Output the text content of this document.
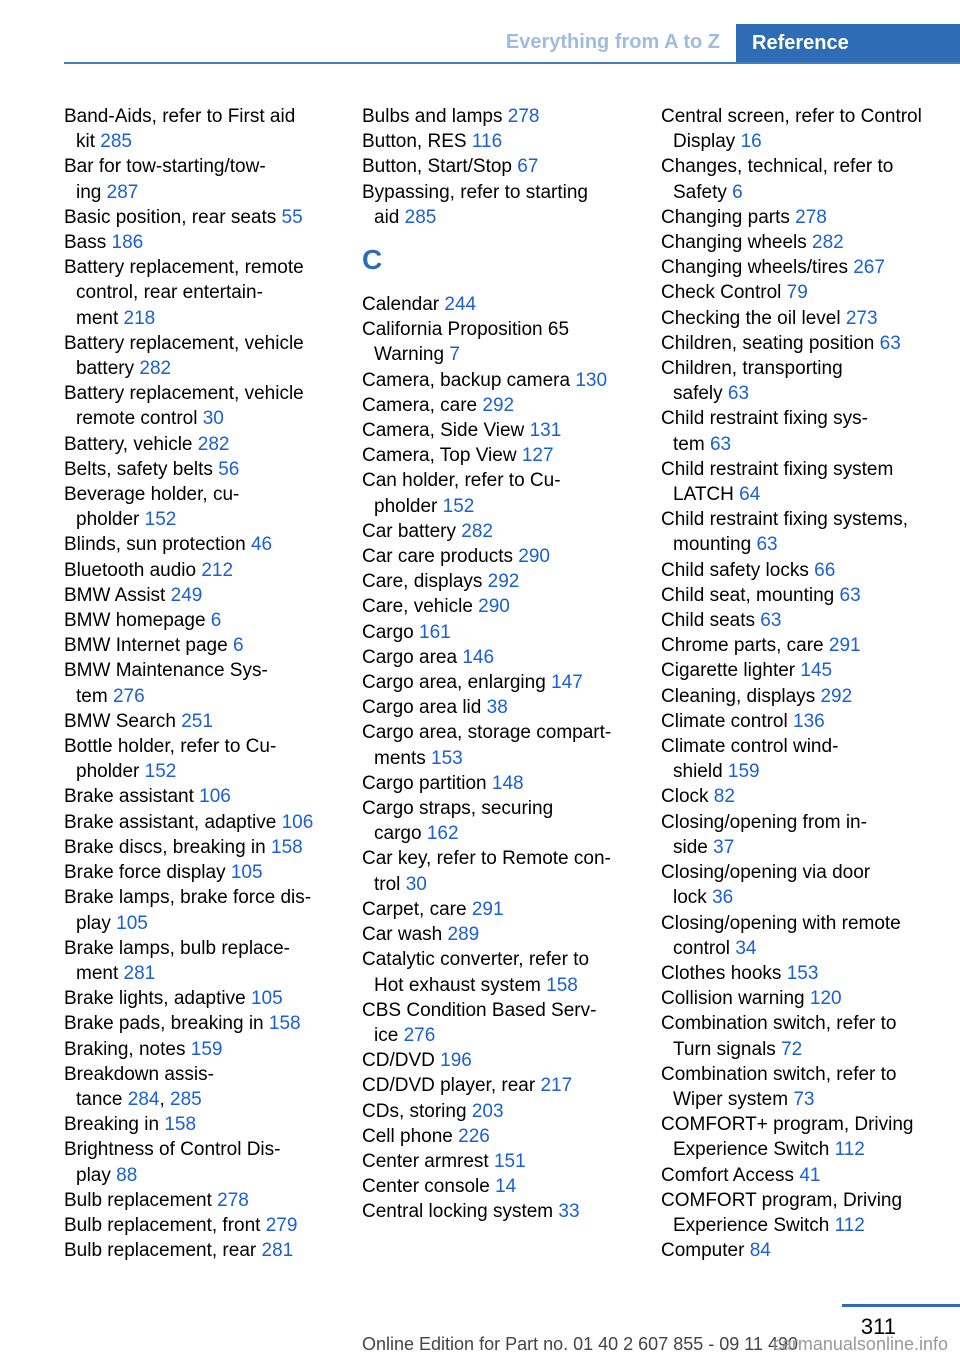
Everything from A to Z	Reference
Band-Aids, refer to First aid
kit 285
Bar for tow-starting/tow-
ing 287
Basic position, rear seats 55
Bass 186
Battery replacement, remote
control, rear entertain-
ment 218
Battery replacement, vehicle
battery 282
Battery replacement, vehicle
remote control 30
Battery, vehicle 282
Belts, safety belts 56
Beverage holder, cu-
pholder 152
Blinds, sun protection 46
Bluetooth audio 212
BMW Assist 249
BMW homepage 6
BMW Internet page 6
BMW Maintenance Sys-
tem 276
BMW Search 251
Bottle holder, refer to Cu-
pholder 152
Brake assistant 106
Brake assistant, adaptive 106
Brake discs, breaking in 158
Brake force display 105
Brake lamps, brake force dis-
play 105
Brake lamps, bulb replace-
ment 281
Brake lights, adaptive 105
Brake pads, breaking in 158
Braking, notes 159
Breakdown assis-
tance 284, 285
Breaking in 158
Brightness of Control Dis-
play 88
Bulb replacement 278
Bulb replacement, front 279
Bulb replacement, rear 281
Bulbs and lamps 278
Button, RES 116
Button, Start/Stop 67
Bypassing, refer to starting
aid 285
C
Calendar 244
California Proposition 65
Warning 7
Camera, backup camera 130
Camera, care 292
Camera, Side View 131
Camera, Top View 127
Can holder, refer to Cu-
pholder 152
Car battery 282
Car care products 290
Care, displays 292
Care, vehicle 290
Cargo 161
Cargo area 146
Cargo area, enlarging 147
Cargo area lid 38
Cargo area, storage compart-
ments 153
Cargo partition 148
Cargo straps, securing
cargo 162
Car key, refer to Remote con-
trol 30
Carpet, care 291
Car wash 289
Catalytic converter, refer to
Hot exhaust system 158
CBS Condition Based Serv-
ice 276
CD/DVD 196
CD/DVD player, rear 217
CDs, storing 203
Cell phone 226
Center armrest 151
Center console 14
Central locking system 33
Central screen, refer to Control
Display 16
Changes, technical, refer to
Safety 6
Changing parts 278
Changing wheels 282
Changing wheels/tires 267
Check Control 79
Checking the oil level 273
Children, seating position 63
Children, transporting
safely 63
Child restraint fixing sys-
tem 63
Child restraint fixing system
LATCH 64
Child restraint fixing systems,
mounting 63
Child safety locks 66
Child seat, mounting 63
Child seats 63
Chrome parts, care 291
Cigarette lighter 145
Cleaning, displays 292
Climate control 136
Climate control wind-
shield 159
Clock 82
Closing/opening from in-
side 37
Closing/opening via door
lock 36
Closing/opening with remote
control 34
Clothes hooks 153
Collision warning 120
Combination switch, refer to
Turn signals 72
Combination switch, refer to
Wiper system 73
COMFORT+ program, Driving
Experience Switch 112
Comfort Access 41
COMFORT program, Driving
Experience Switch 112
Computer 84
311
Online Edition for Part no. 01 40 2 607 855 - 09 11 490
carmanualsonline.info
